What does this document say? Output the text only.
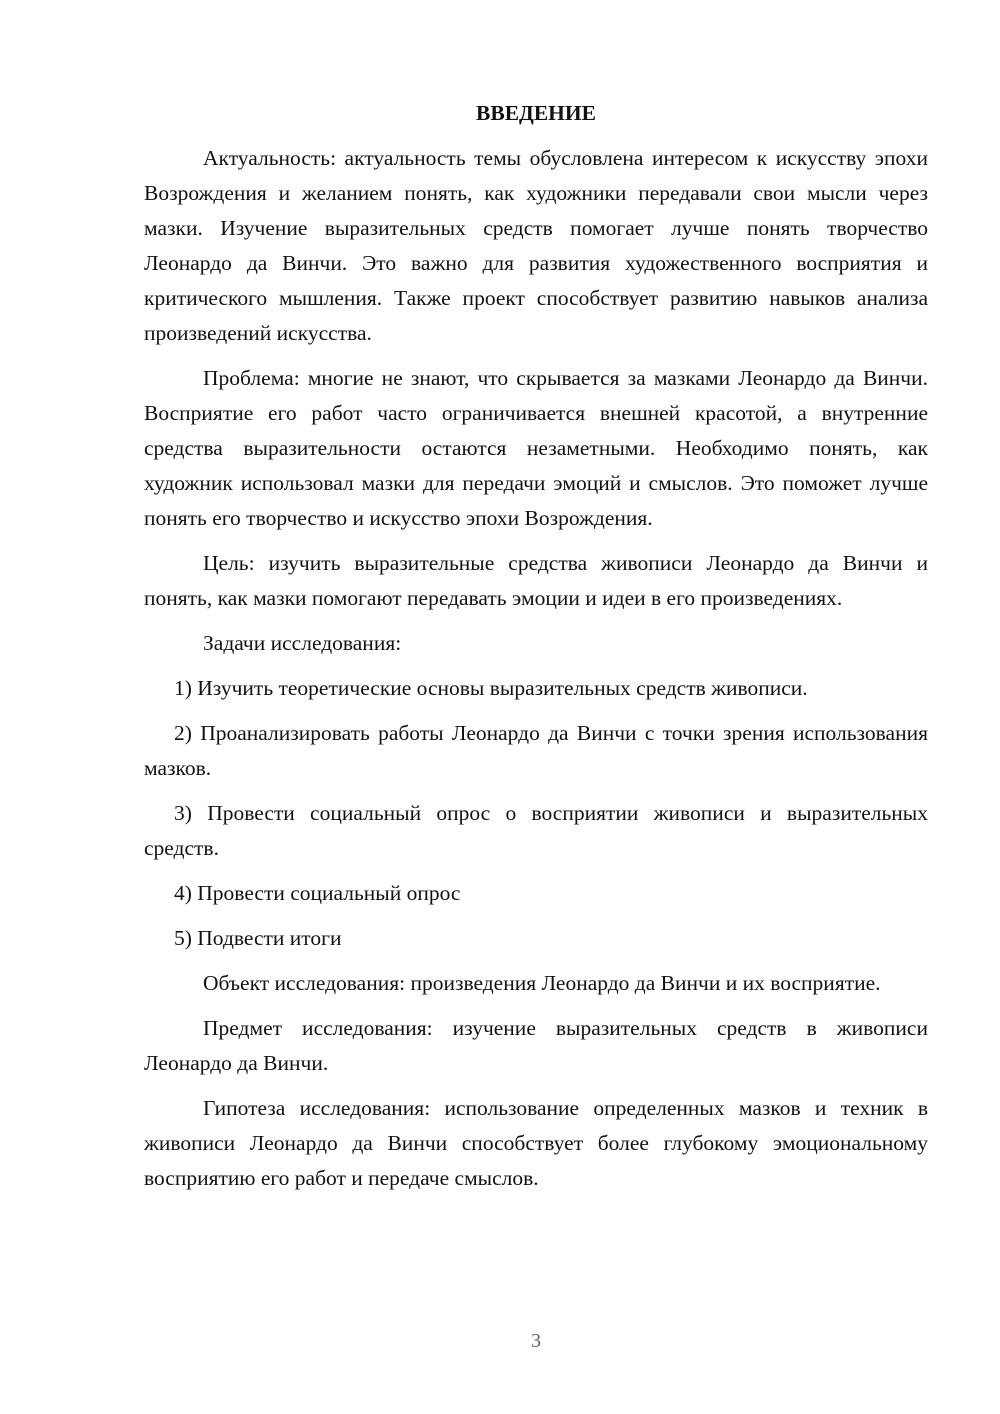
ВВЕДЕНИЕ

Актуальность: актуальность темы обусловлена интересом к искусству эпохи Возрождения и желанием понять, как художники передавали свои мысли через мазки. Изучение выразительных средств помогает лучше понять творчество Леонардо да Винчи. Это важно для развития художественного восприятия и критического мышления. Также проект способствует развитию навыков анализа произведений искусства.

Проблема: многие не знают, что скрывается за мазками Леонардо да Винчи. Восприятие его работ часто ограничивается внешней красотой, а внутренние средства выразительности остаются незаметными. Необходимо понять, как художник использовал мазки для передачи эмоций и смыслов. Это поможет лучше понять его творчество и искусство эпохи Возрождения.

Цель: изучить выразительные средства живописи Леонардо да Винчи и понять, как мазки помогают передавать эмоции и идеи в его произведениях.

Задачи исследования:

1) Изучить теоретические основы выразительных средств живописи.

2) Проанализировать работы Леонардо да Винчи с точки зрения использования мазков.

3) Провести социальный опрос о восприятии живописи и выразительных средств.

4) Провести социальный опрос

5) Подвести итоги

Объект исследования: произведения Леонардо да Винчи и их восприятие.

Предмет исследования: изучение выразительных средств в живописи Леонардо да Винчи.

Гипотеза исследования: использование определенных мазков и техник в живописи Леонардо да Винчи способствует более глубокому эмоциональному восприятию его работ и передаче смыслов.

3
